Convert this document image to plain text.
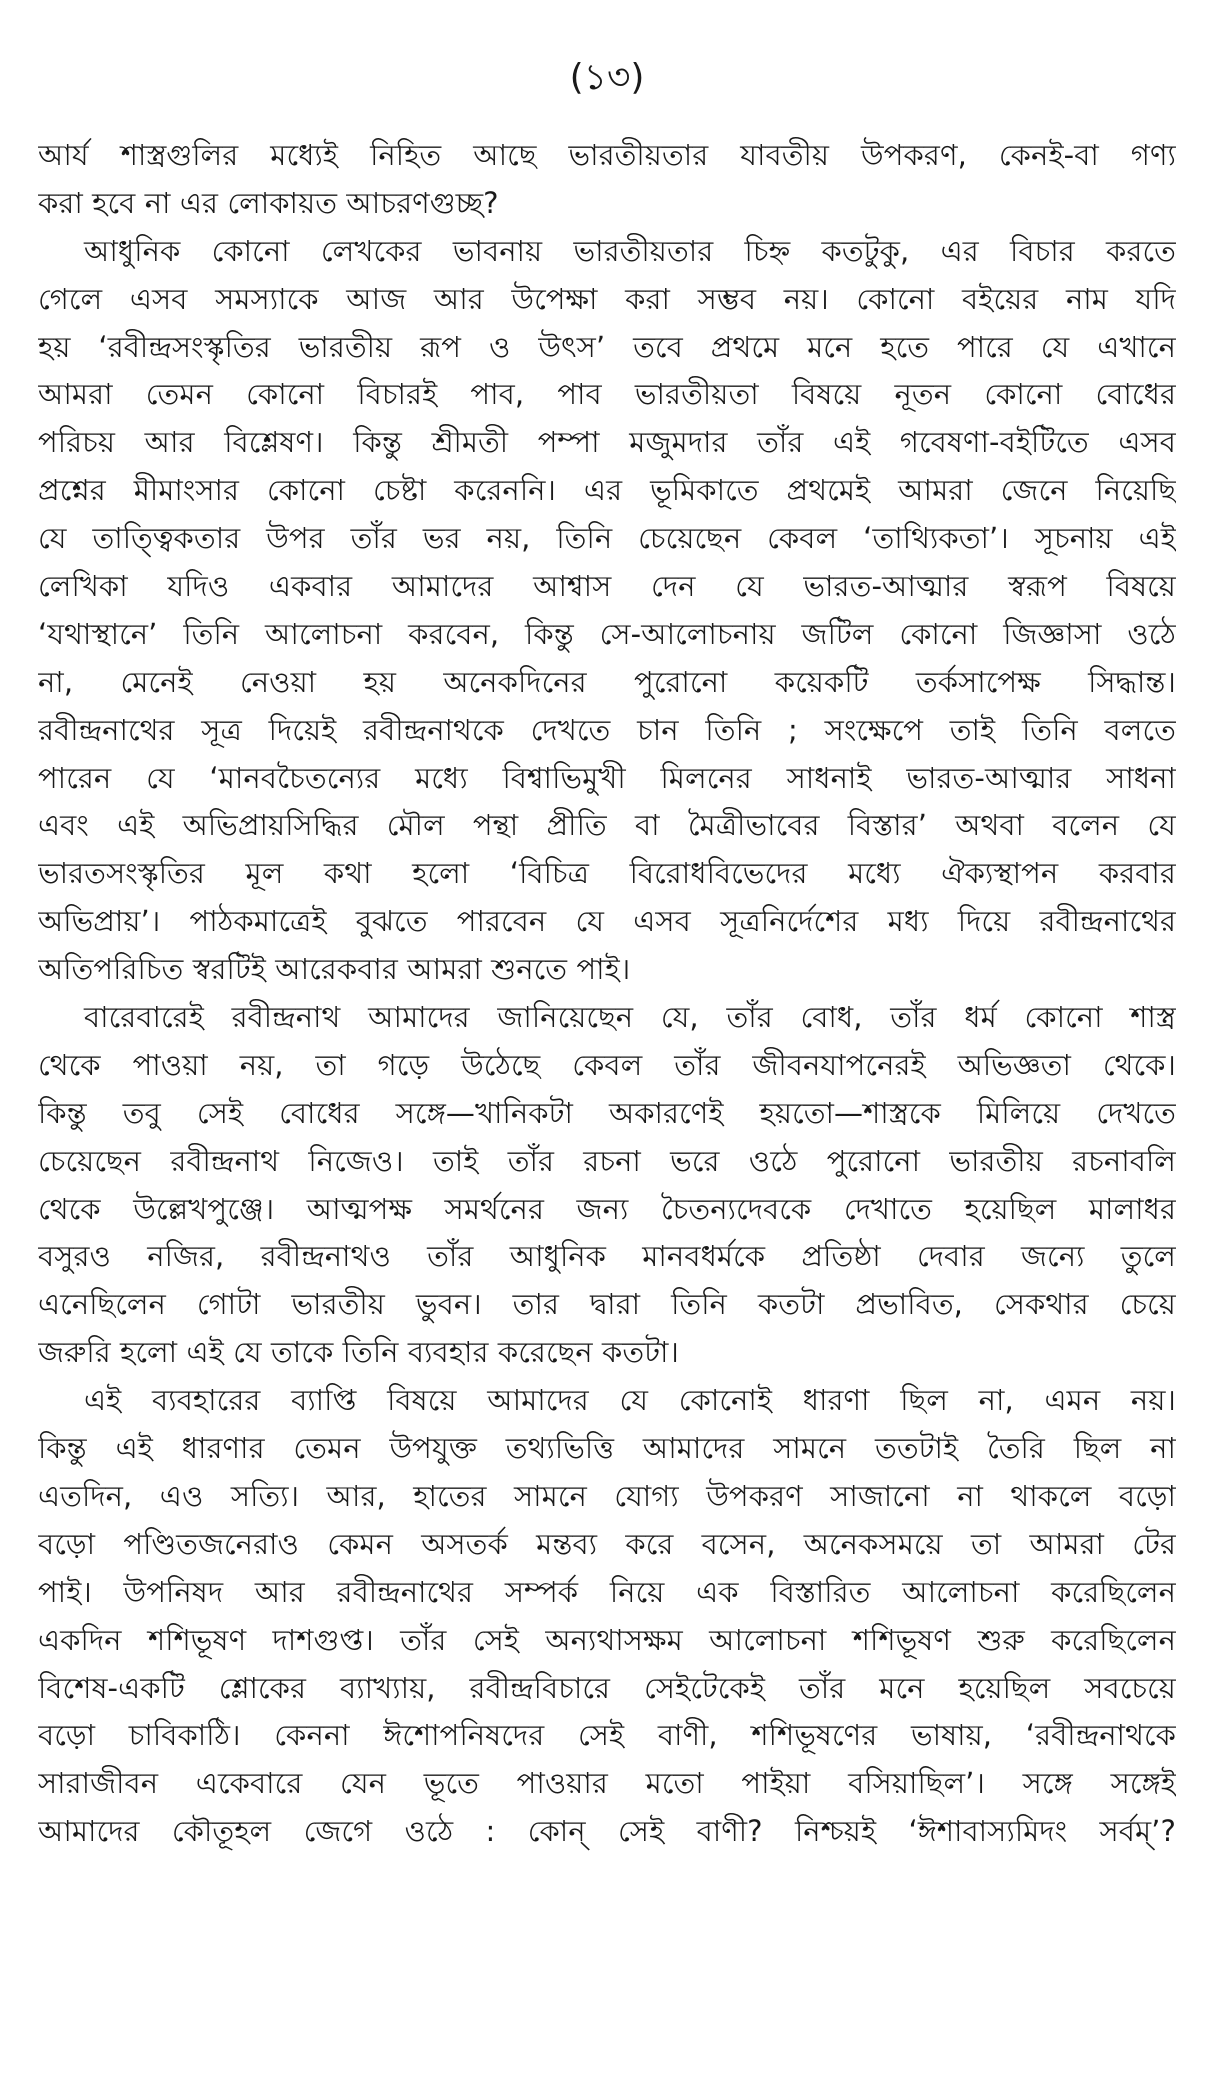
(১৩)
আর্য শাস্ত্রগুলির মধ্যেই নিহিত আছে ভারতীয়তার যাবতীয় উপকরণ, কেনই-বা গণ্য
করা হবে না এর লোকায়ত আচরণগুচ্ছ?
আধুনিক কোনো লেখকের ভাবনায় ভারতীয়তার চিহ্ন কতটুকু, এর বিচার করতে
গেলে এসব সমস্যাকে আজ আর উপেক্ষা করা সম্ভব নয়। কোনো বইয়ের নাম যদি
হয় ‘রবীন্দ্রসংস্কৃতির ভারতীয় রূপ ও উৎস’ তবে প্রথমে মনে হতে পারে যে এখানে
আমরা তেমন কোনো বিচারই পাব, পাব ভারতীয়তা বিষয়ে নূতন কোনো বোধের
পরিচয় আর বিশ্লেষণ। কিন্তু শ্রীমতী পম্পা মজুমদার তাঁর এই গবেষণা-বইটিতে এসব
প্রশ্নের মীমাংসার কোনো চেষ্টা করেননি। এর ভূমিকাতে প্রথমেই আমরা জেনে নিয়েছি
যে তাত্ত্বিকতার উপর তাঁর ভর নয়, তিনি চেয়েছেন কেবল ‘তাথ্যিকতা’। সূচনায় এই
লেখিকা যদিও একবার আমাদের আশ্বাস দেন যে ভারত-আত্মার স্বরূপ বিষয়ে
‘যথাস্থানে’ তিনি আলোচনা করবেন, কিন্তু সে-আলোচনায় জটিল কোনো জিজ্ঞাসা ওঠে
না, মেনেই নেওয়া হয় অনেকদিনের পুরোনো কয়েকটি তর্কসাপেক্ষ সিদ্ধান্ত।
রবীন্দ্রনাথের সূত্র দিয়েই রবীন্দ্রনাথকে দেখতে চান তিনি ; সংক্ষেপে তাই তিনি বলতে
পারেন যে ‘মানবচৈতন্যের মধ্যে বিশ্বাভিমুখী মিলনের সাধনাই ভারত-আত্মার সাধনা
এবং এই অভিপ্রায়সিদ্ধির মৌল পন্থা প্রীতি বা মৈত্রীভাবের বিস্তার’ অথবা বলেন যে
ভারতসংস্কৃতির মূল কথা হলো ‘বিচিত্র বিরোধবিভেদের মধ্যে ঐক্যস্থাপন করবার
অভিপ্রায়’। পাঠকমাত্রেই বুঝতে পারবেন যে এসব সূত্রনির্দেশের মধ্য দিয়ে রবীন্দ্রনাথের
অতিপরিচিত স্বরটিই আরেকবার আমরা শুনতে পাই।
বারেবারেই রবীন্দ্রনাথ আমাদের জানিয়েছেন যে, তাঁর বোধ, তাঁর ধর্ম কোনো শাস্ত্র
থেকে পাওয়া নয়, তা গড়ে উঠেছে কেবল তাঁর জীবনযাপনেরই অভিজ্ঞতা থেকে।
কিন্তু তবু সেই বোধের সঙ্গে—খানিকটা অকারণেই হয়তো—শাস্ত্রকে মিলিয়ে দেখতে
চেয়েছেন রবীন্দ্রনাথ নিজেও। তাই তাঁর রচনা ভরে ওঠে পুরোনো ভারতীয় রচনাবলি
থেকে উল্লেখপুঞ্জে। আত্মপক্ষ সমর্থনের জন্য চৈতন্যদেবকে দেখাতে হয়েছিল মালাধর
বসুরও নজির, রবীন্দ্রনাথও তাঁর আধুনিক মানবধর্মকে প্রতিষ্ঠা দেবার জন্যে তুলে
এনেছিলেন গোটা ভারতীয় ভুবন। তার দ্বারা তিনি কতটা প্রভাবিত, সেকথার চেয়ে
জরুরি হলো এই যে তাকে তিনি ব্যবহার করেছেন কতটা।
এই ব্যবহারের ব্যাপ্তি বিষয়ে আমাদের যে কোনোই ধারণা ছিল না, এমন নয়।
কিন্তু এই ধারণার তেমন উপযুক্ত তথ্যভিত্তি আমাদের সামনে ততটাই তৈরি ছিল না
এতদিন, এও সত্যি। আর, হাতের সামনে যোগ্য উপকরণ সাজানো না থাকলে বড়ো
বড়ো পণ্ডিতজনেরাও কেমন অসতর্ক মন্তব্য করে বসেন, অনেকসময়ে তা আমরা টের
পাই। উপনিষদ আর রবীন্দ্রনাথের সম্পর্ক নিয়ে এক বিস্তারিত আলোচনা করেছিলেন
একদিন শশিভূষণ দাশগুপ্ত। তাঁর সেই অন্যথাসক্ষম আলোচনা শশিভূষণ শুরু করেছিলেন
বিশেষ-একটি শ্লোকের ব্যাখ্যায়, রবীন্দ্রবিচারে সেইটেকেই তাঁর মনে হয়েছিল সবচেয়ে
বড়ো চাবিকাঠি। কেননা ঈশোপনিষদের সেই বাণী, শশিভূষণের ভাষায়, ‘রবীন্দ্রনাথকে
সারাজীবন একেবারে যেন ভূতে পাওয়ার মতো পাইয়া বসিয়াছিল’। সঙ্গে সঙ্গেই
আমাদের কৌতূহল জেগে ওঠে : কোন্ সেই বাণী? নিশ্চয়ই ‘ঈশাবাস্যমিদং সর্বম্’?
